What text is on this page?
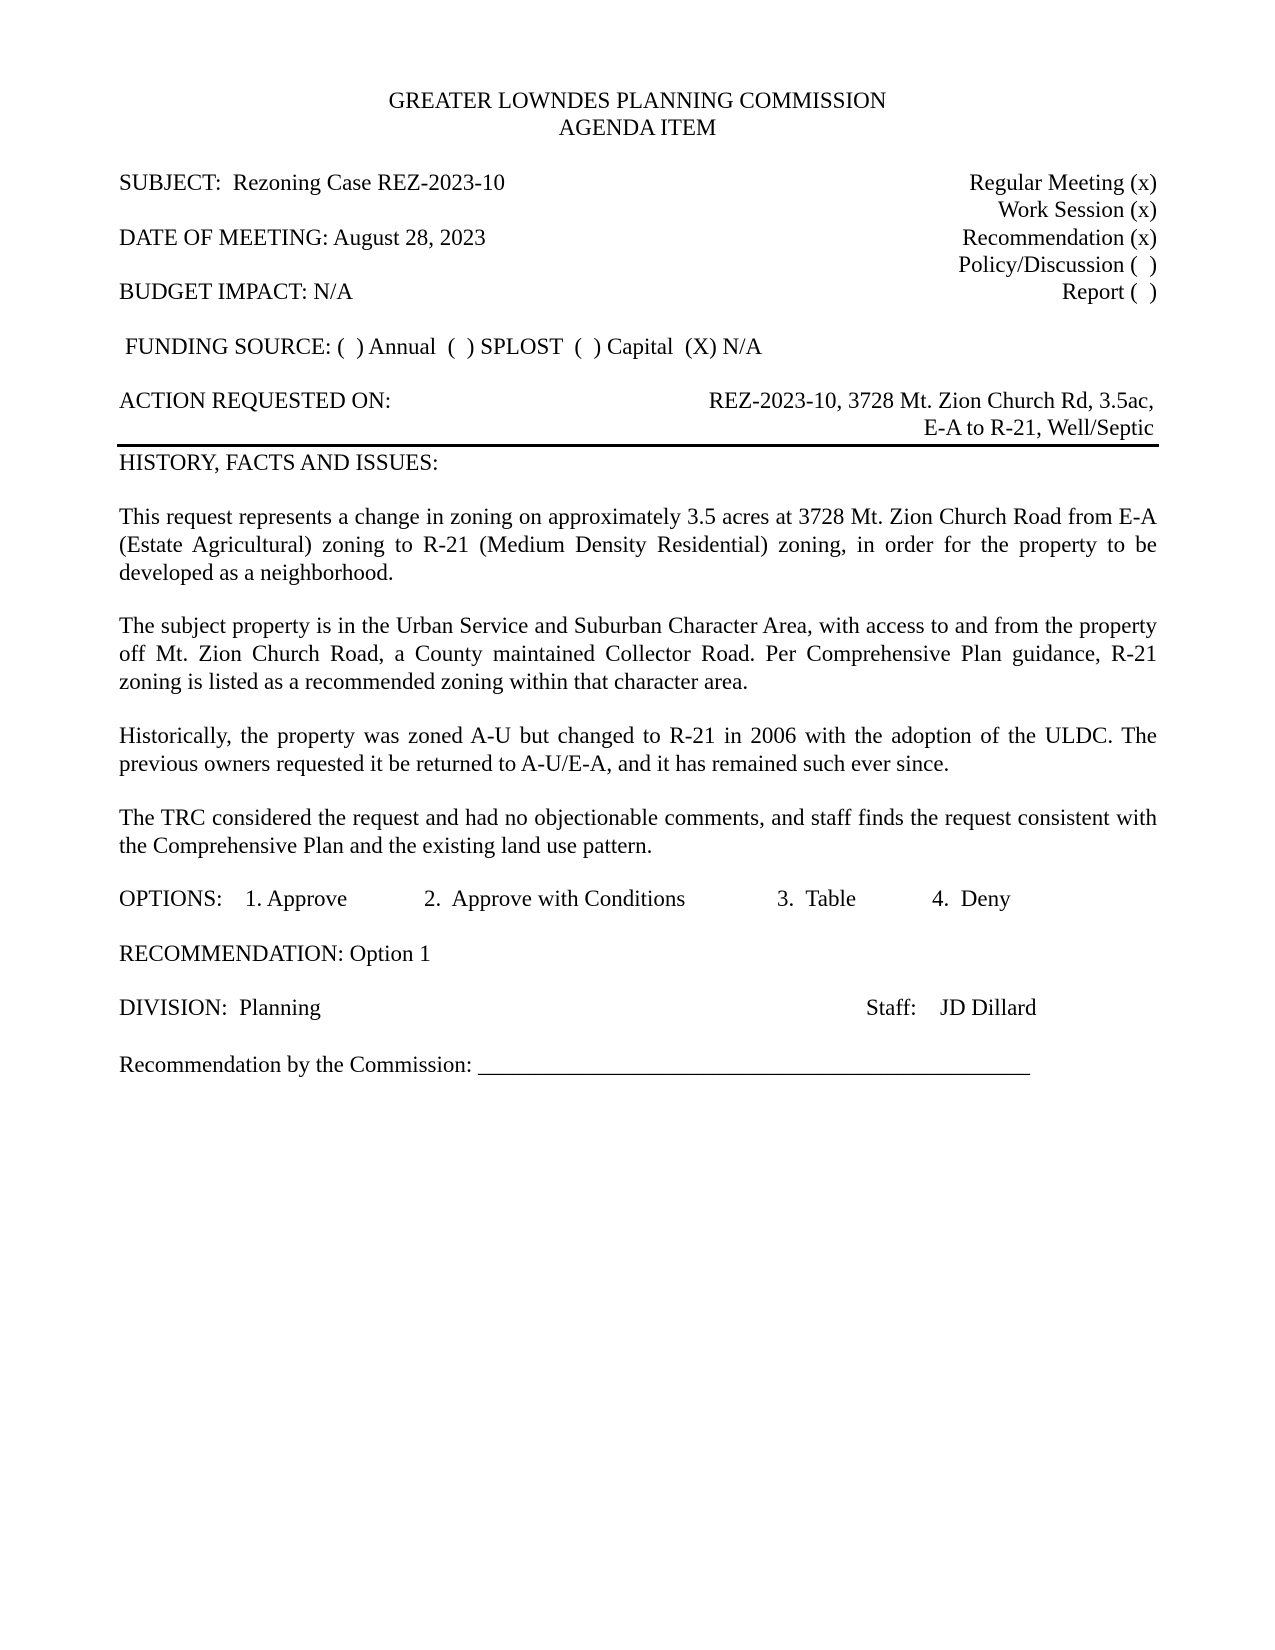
GREATER LOWNDES PLANNING COMMISSION
AGENDA ITEM
SUBJECT:  Rezoning Case REZ-2023-10
DATE OF MEETING: August 28, 2023
BUDGET IMPACT: N/A
Regular Meeting (x)
Work Session (x)
Recommendation (x)
Policy/Discussion (  )
Report (  )
FUNDING SOURCE: (  ) Annual  (  ) SPLOST  (  ) Capital  (X) N/A
ACTION REQUESTED ON:	REZ-2023-10, 3728 Mt. Zion Church Rd, 3.5ac,
E-A to R-21, Well/Septic
HISTORY, FACTS AND ISSUES:
This request represents a change in zoning on approximately 3.5 acres at 3728 Mt. Zion Church Road from E-A (Estate Agricultural) zoning to R-21 (Medium Density Residential) zoning, in order for the property to be developed as a neighborhood.
The subject property is in the Urban Service and Suburban Character Area, with access to and from the property off Mt. Zion Church Road, a County maintained Collector Road. Per Comprehensive Plan guidance, R-21 zoning is listed as a recommended zoning within that character area.
Historically, the property was zoned A-U but changed to R-21 in 2006 with the adoption of the ULDC. The previous owners requested it be returned to A-U/E-A, and it has remained such ever since.
The TRC considered the request and had no objectionable comments, and staff finds the request consistent with the Comprehensive Plan and the existing land use pattern.
OPTIONS: 1. Approve	2.  Approve with Conditions	3.  Table	4.  Deny
RECOMMENDATION: Option 1
DIVISION:  Planning	Staff: JD Dillard
Recommendation by the Commission: ________________________________________________
